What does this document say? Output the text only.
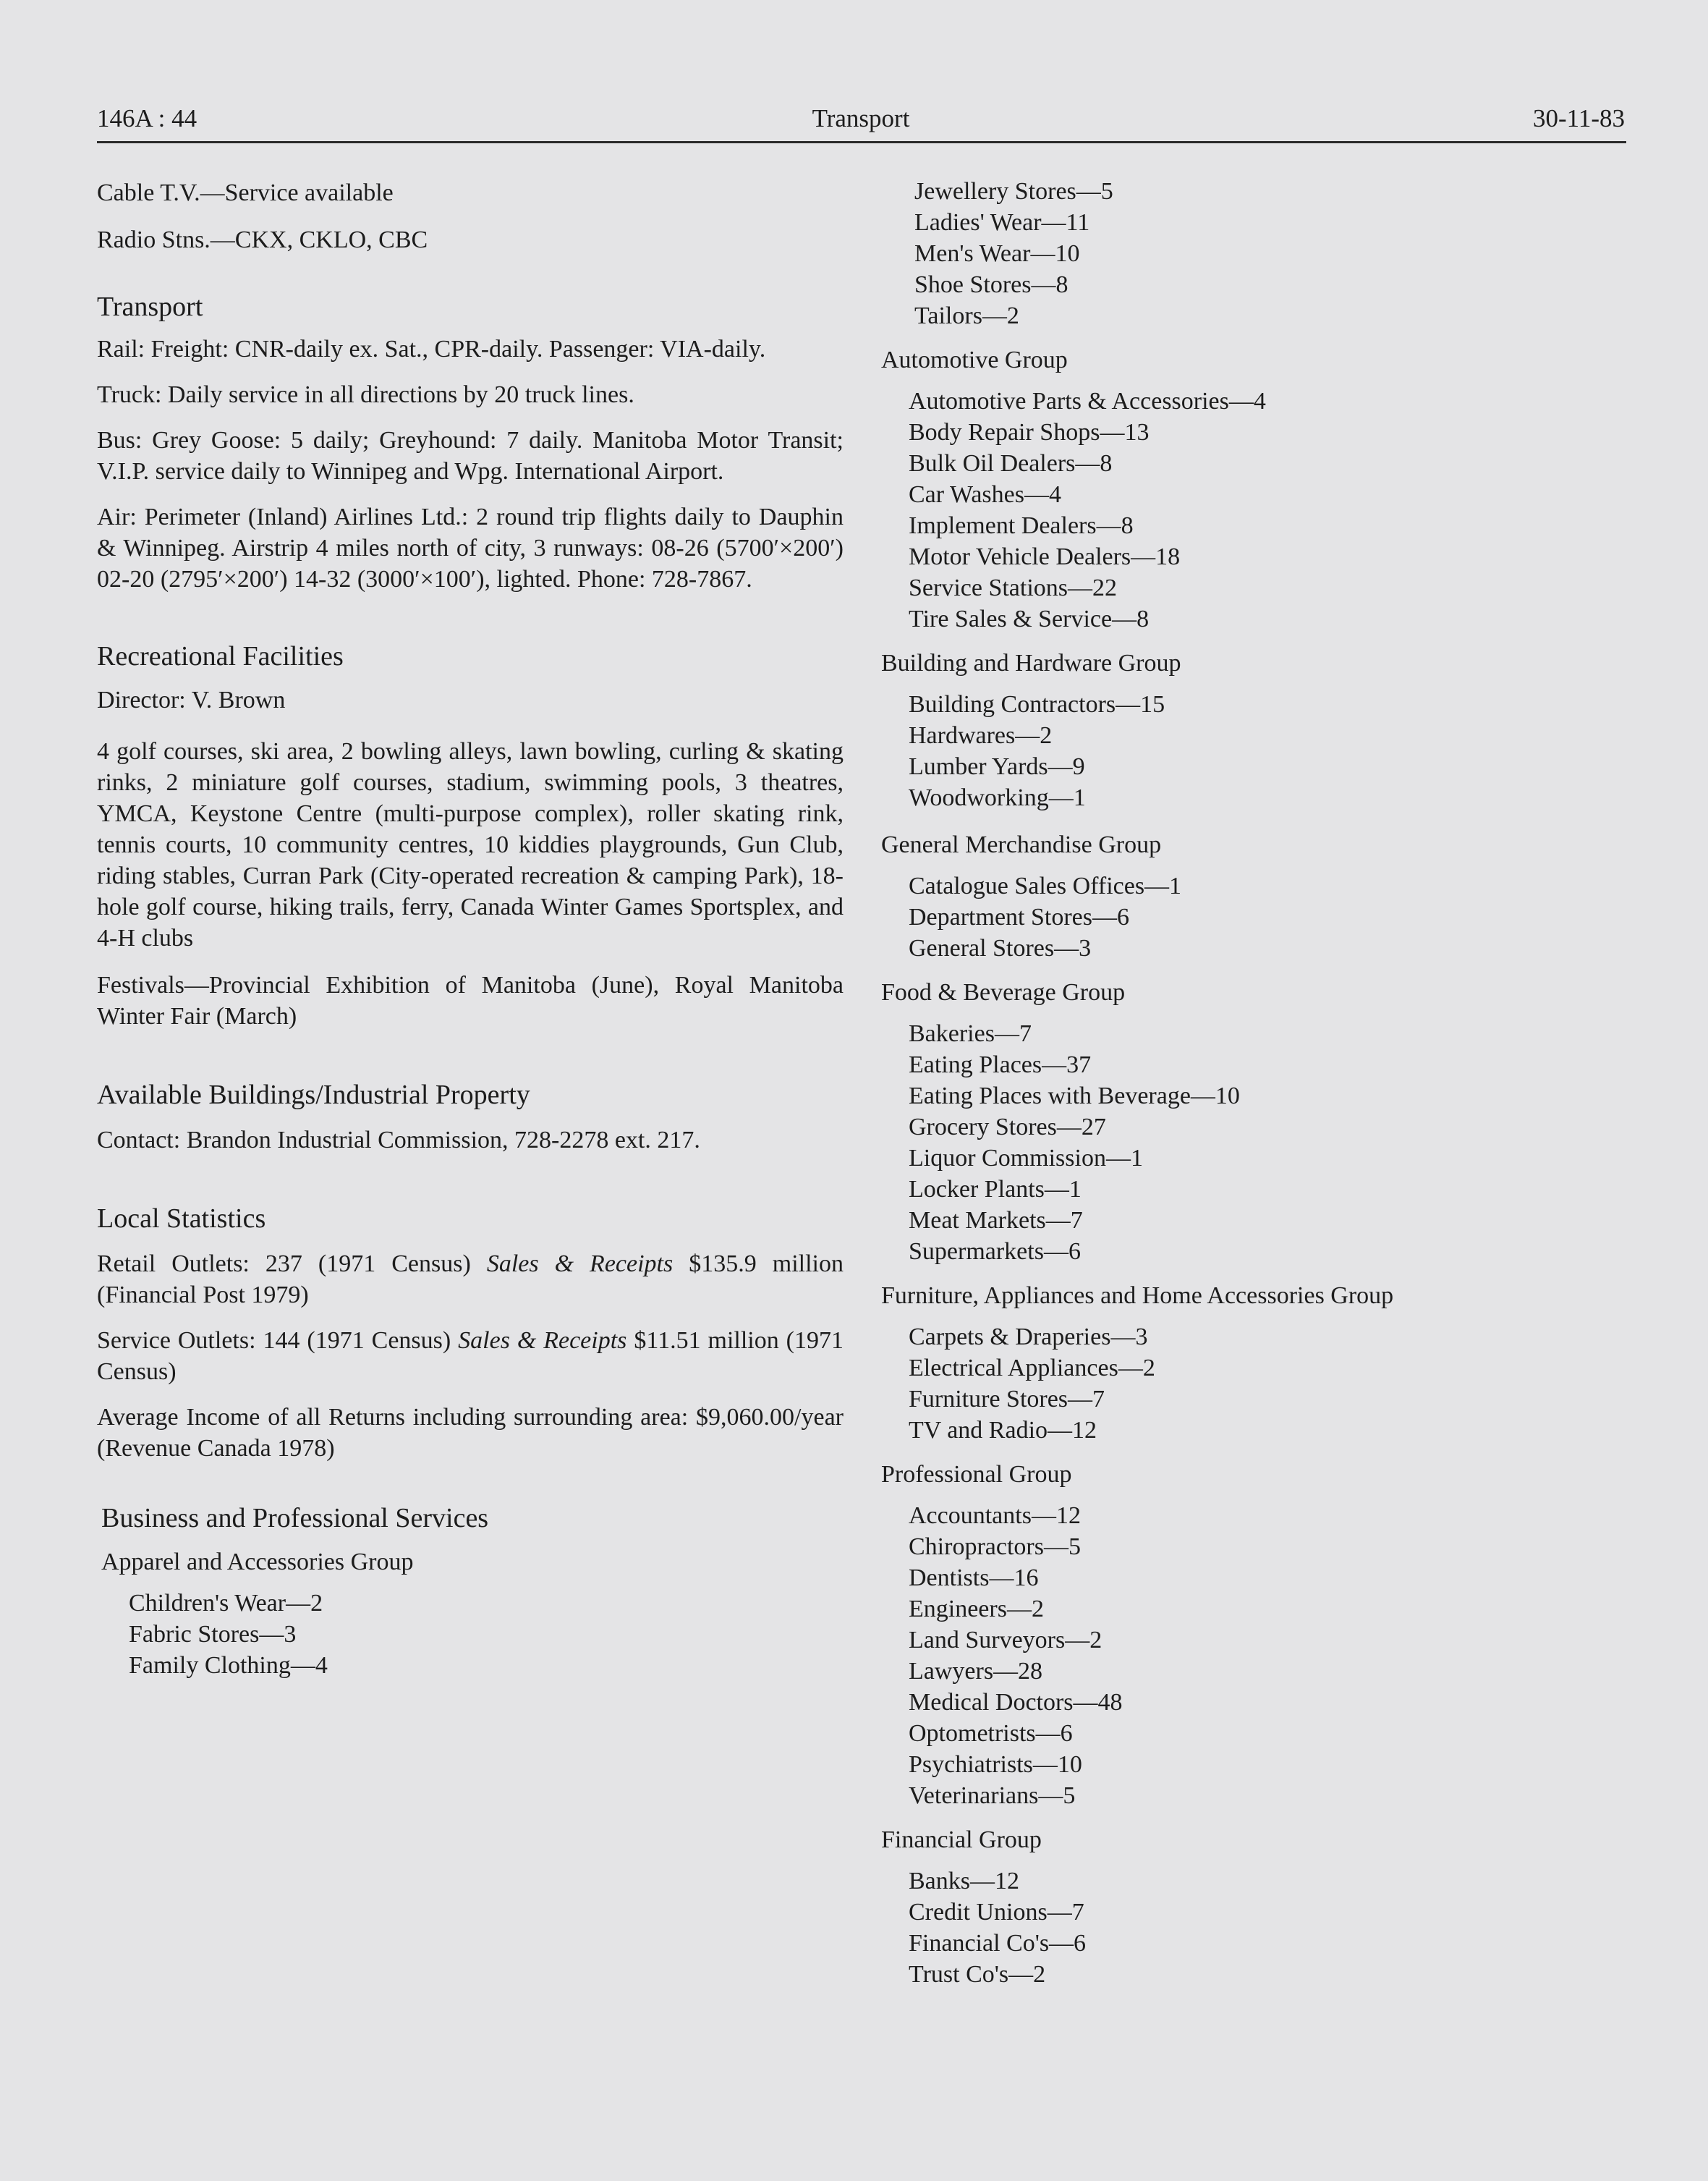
146A : 44	Transport	30-11-83

Cable T.V.—Service available

Radio Stns.—CKX, CKLO, CBC

Transport

Rail: Freight: CNR-daily ex. Sat., CPR-daily. Passenger: VIA-daily.

Truck: Daily service in all directions by 20 truck lines.

Bus: Grey Goose: 5 daily; Greyhound: 7 daily. Manitoba Motor Transit; V.I.P. service daily to Winnipeg and Wpg. International Airport.

Air: Perimeter (Inland) Airlines Ltd.: 2 round trip flights daily to Dauphin & Winnipeg. Airstrip 4 miles north of city, 3 runways: 08-26 (5700′×200′) 02-20 (2795′×200′) 14-32 (3000′×100′), lighted. Phone: 728-7867.

Recreational Facilities

Director: V. Brown

4 golf courses, ski area, 2 bowling alleys, lawn bowling, curling & skating rinks, 2 miniature golf courses, stadium, swimming pools, 3 theatres, YMCA, Keystone Centre (multi-purpose complex), roller skating rink, tennis courts, 10 community centres, 10 kiddies playgrounds, Gun Club, riding stables, Curran Park (City-operated recreation & camping Park), 18-hole golf course, hiking trails, ferry, Canada Winter Games Sportsplex, and 4-H clubs

Festivals—Provincial Exhibition of Manitoba (June), Royal Manitoba Winter Fair (March)

Available Buildings/Industrial Property

Contact: Brandon Industrial Commission, 728-2278 ext. 217.

Local Statistics

Retail Outlets: 237 (1971 Census) Sales & Receipts $135.9 million (Financial Post 1979)

Service Outlets: 144 (1971 Census) Sales & Receipts $11.51 million (1971 Census)

Average Income of all Returns including surrounding area: $9,060.00/year (Revenue Canada 1978)

Business and Professional Services

Apparel and Accessories Group

Children's Wear—2

Fabric Stores—3

Family Clothing—4

Jewellery Stores—5

Ladies' Wear—11

Men's Wear—10

Shoe Stores—8

Tailors—2

Automotive Group

Automotive Parts & Accessories—4

Body Repair Shops—13

Bulk Oil Dealers—8

Car Washes—4

Implement Dealers—8

Motor Vehicle Dealers—18

Service Stations—22

Tire Sales & Service—8

Building and Hardware Group

Building Contractors—15

Hardwares—2

Lumber Yards—9

Woodworking—1

General Merchandise Group

Catalogue Sales Offices—1

Department Stores—6

General Stores—3

Food & Beverage Group

Bakeries—7

Eating Places—37

Eating Places with Beverage—10

Grocery Stores—27

Liquor Commission—1

Locker Plants—1

Meat Markets—7

Supermarkets—6

Furniture, Appliances and Home Accessories Group

Carpets & Draperies—3

Electrical Appliances—2

Furniture Stores—7

TV and Radio—12

Professional Group

Accountants—12

Chiropractors—5

Dentists—16

Engineers—2

Land Surveyors—2

Lawyers—28

Medical Doctors—48

Optometrists—6

Psychiatrists—10

Veterinarians—5

Financial Group

Banks—12

Credit Unions—7

Financial Co's—6

Trust Co's—2
